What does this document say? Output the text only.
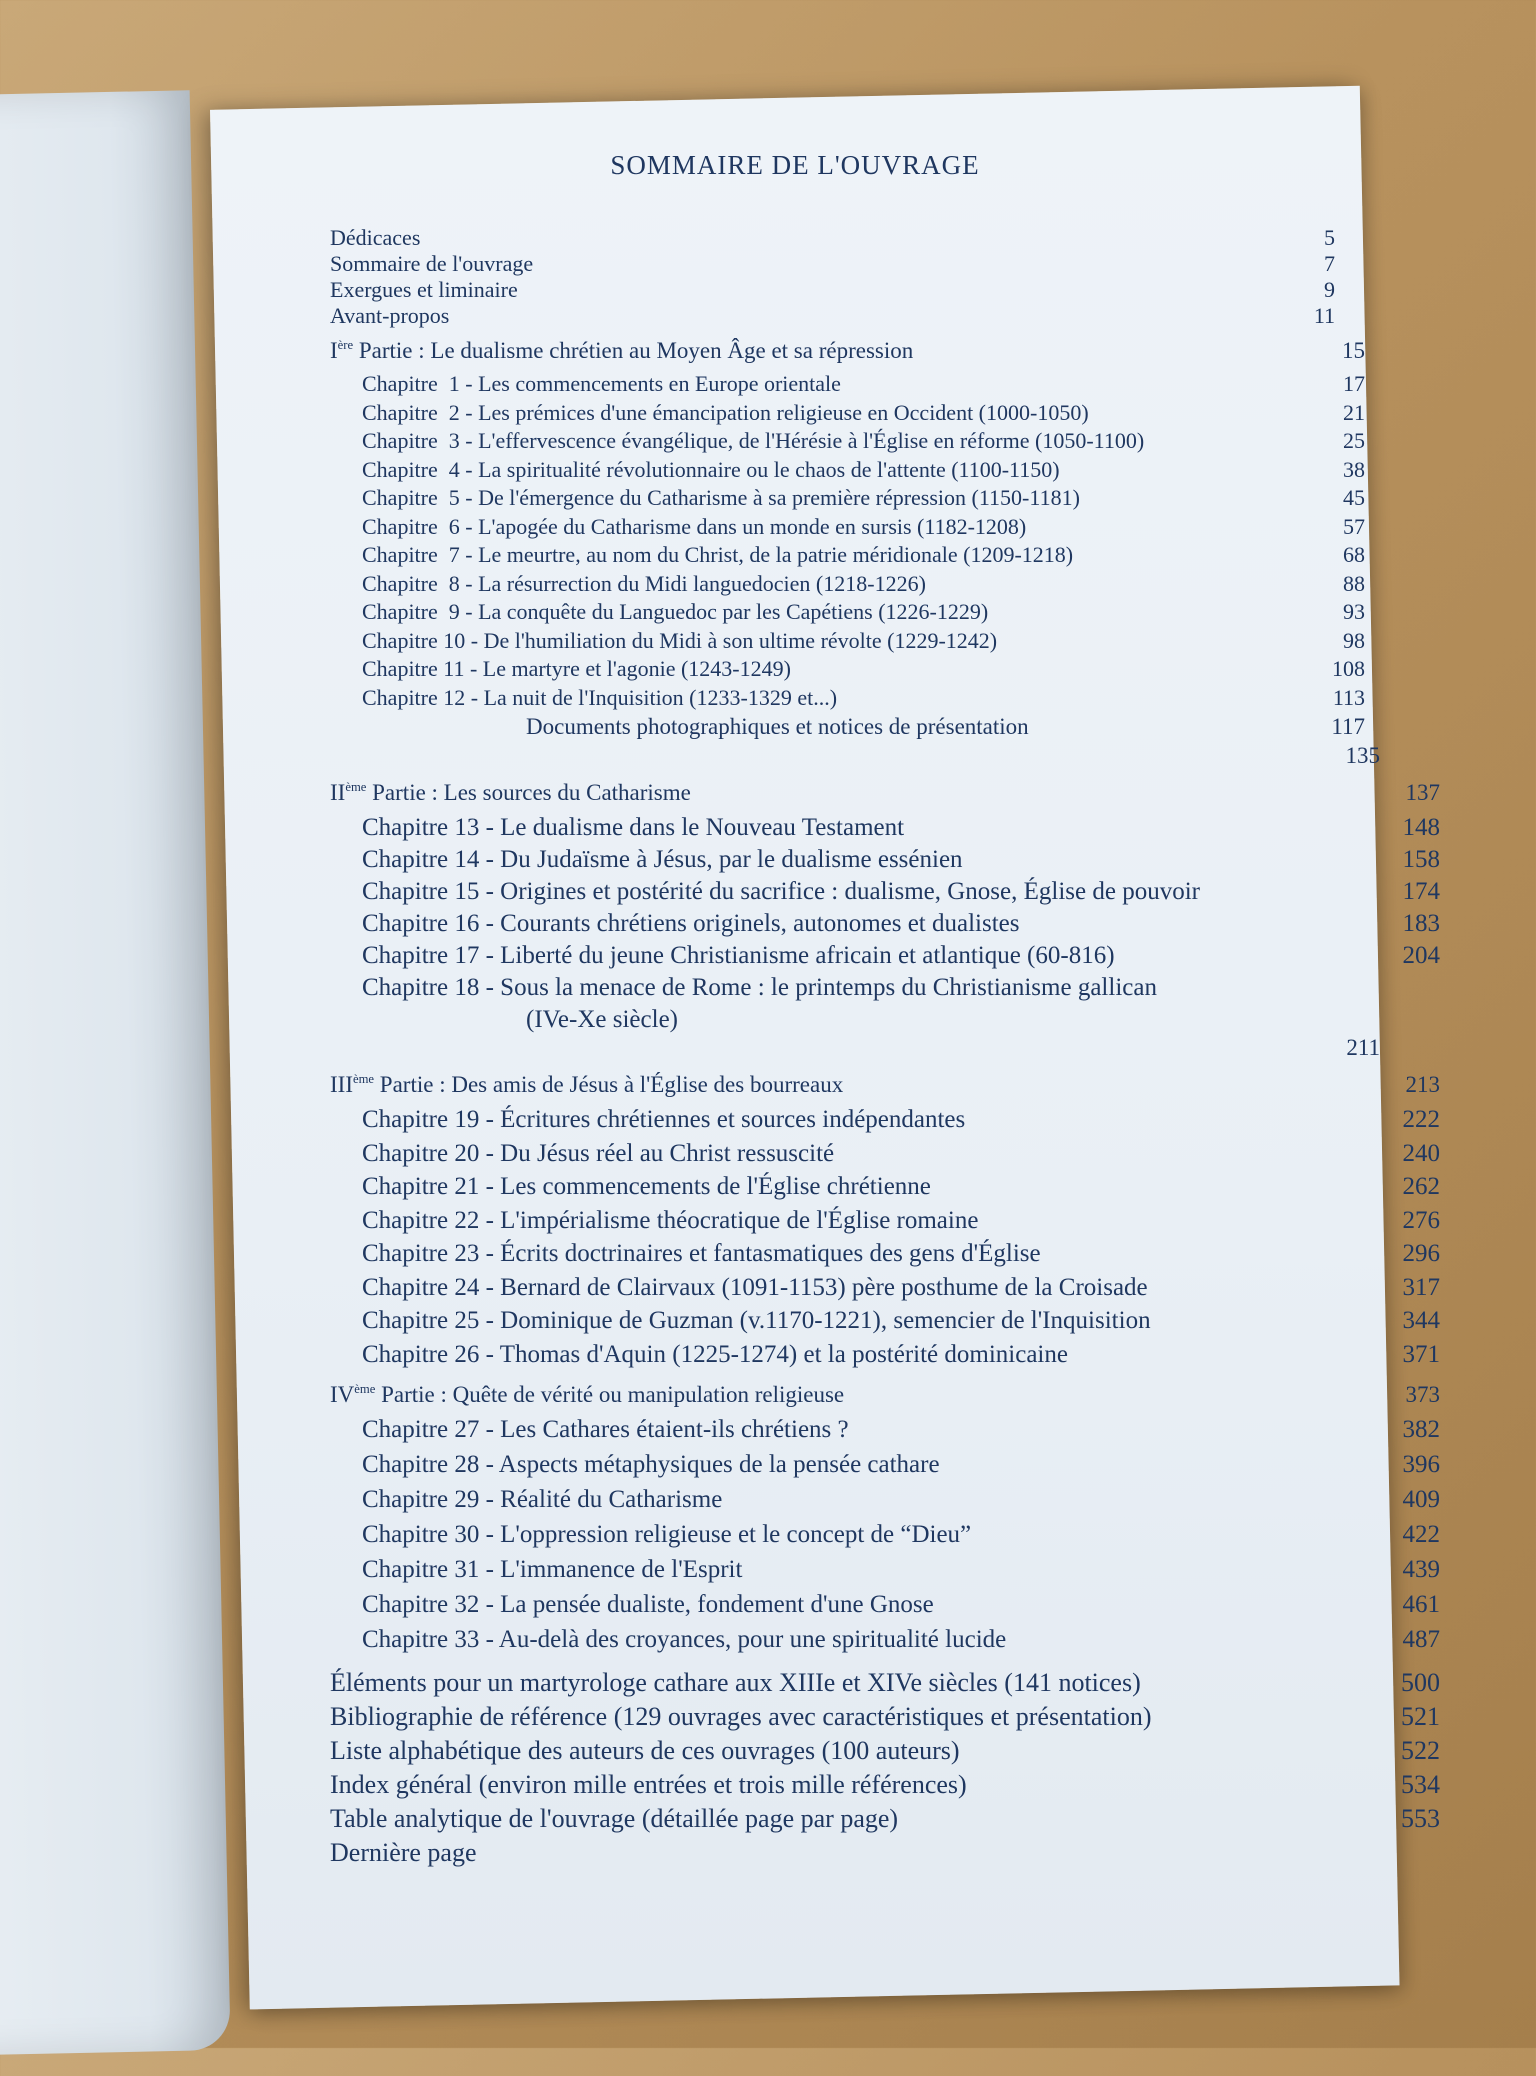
SOMMAIRE DE L'OUVRAGE
Dédicaces	5
Sommaire de l'ouvrage	7
Exergues et liminaire	9
Avant-propos	11
Ière Partie : Le dualisme chrétien au Moyen Âge et sa répression	15
Chapitre  1 - Les commencements en Europe orientale	17
Chapitre  2 - Les prémices d'une émancipation religieuse en Occident (1000-1050)	21
Chapitre  3 - L'effervescence évangélique, de l'Hérésie à l'Église en réforme (1050-1100)	25
Chapitre  4 - La spiritualité révolutionnaire ou le chaos de l'attente (1100-1150)	38
Chapitre  5 - De l'émergence du Catharisme à sa première répression (1150-1181)	45
Chapitre  6 - L'apogée du Catharisme dans un monde en sursis (1182-1208)	57
Chapitre  7 - Le meurtre, au nom du Christ, de la patrie méridionale (1209-1218)	68
Chapitre  8 - La résurrection du Midi languedocien (1218-1226)	88
Chapitre  9 - La conquête du Languedoc par les Capétiens (1226-1229)	93
Chapitre 10 - De l'humiliation du Midi à son ultime révolte (1229-1242)	98
Chapitre 11 - Le martyre et l'agonie (1243-1249)	108
Chapitre 12 - La nuit de l'Inquisition (1233-1329 et...)	113
Documents photographiques et notices de présentation	117
135
IIème Partie : Les sources du Catharisme	137
Chapitre 13 - Le dualisme dans le Nouveau Testament	148
Chapitre 14 - Du Judaïsme à Jésus, par le dualisme essénien	158
Chapitre 15 - Origines et postérité du sacrifice : dualisme, Gnose, Église de pouvoir	174
Chapitre 16 - Courants chrétiens originels, autonomes et dualistes	183
Chapitre 17 - Liberté du jeune Christianisme africain et atlantique (60-816)	204
Chapitre 18 - Sous la menace de Rome : le printemps du Christianisme gallican
(IVe-Xe siècle)
211
IIIème Partie : Des amis de Jésus à l'Église des bourreaux	213
Chapitre 19 - Écritures chrétiennes et sources indépendantes	222
Chapitre 20 - Du Jésus réel au Christ ressuscité	240
Chapitre 21 - Les commencements de l'Église chrétienne	262
Chapitre 22 - L'impérialisme théocratique de l'Église romaine	276
Chapitre 23 - Écrits doctrinaires et fantasmatiques des gens d'Église	296
Chapitre 24 - Bernard de Clairvaux (1091-1153) père posthume de la Croisade	317
Chapitre 25 - Dominique de Guzman (v.1170-1221), semencier de l'Inquisition	344
Chapitre 26 - Thomas d'Aquin (1225-1274) et la postérité dominicaine	371
IVème Partie : Quête de vérité ou manipulation religieuse	373
Chapitre 27 - Les Cathares étaient-ils chrétiens ?	382
Chapitre 28 - Aspects métaphysiques de la pensée cathare	396
Chapitre 29 - Réalité du Catharisme	409
Chapitre 30 - L'oppression religieuse et le concept de “Dieu”	422
Chapitre 31 - L'immanence de l'Esprit	439
Chapitre 32 - La pensée dualiste, fondement d'une Gnose	461
Chapitre 33 - Au-delà des croyances, pour une spiritualité lucide	487
Éléments pour un martyrologe cathare aux XIIIe et XIVe siècles (141 notices)	500
Bibliographie de référence (129 ouvrages avec caractéristiques et présentation)	521
Liste alphabétique des auteurs de ces ouvrages (100 auteurs)	522
Index général (environ mille entrées et trois mille références)	534
Table analytique de l'ouvrage (détaillée page par page)	553
Dernière page
